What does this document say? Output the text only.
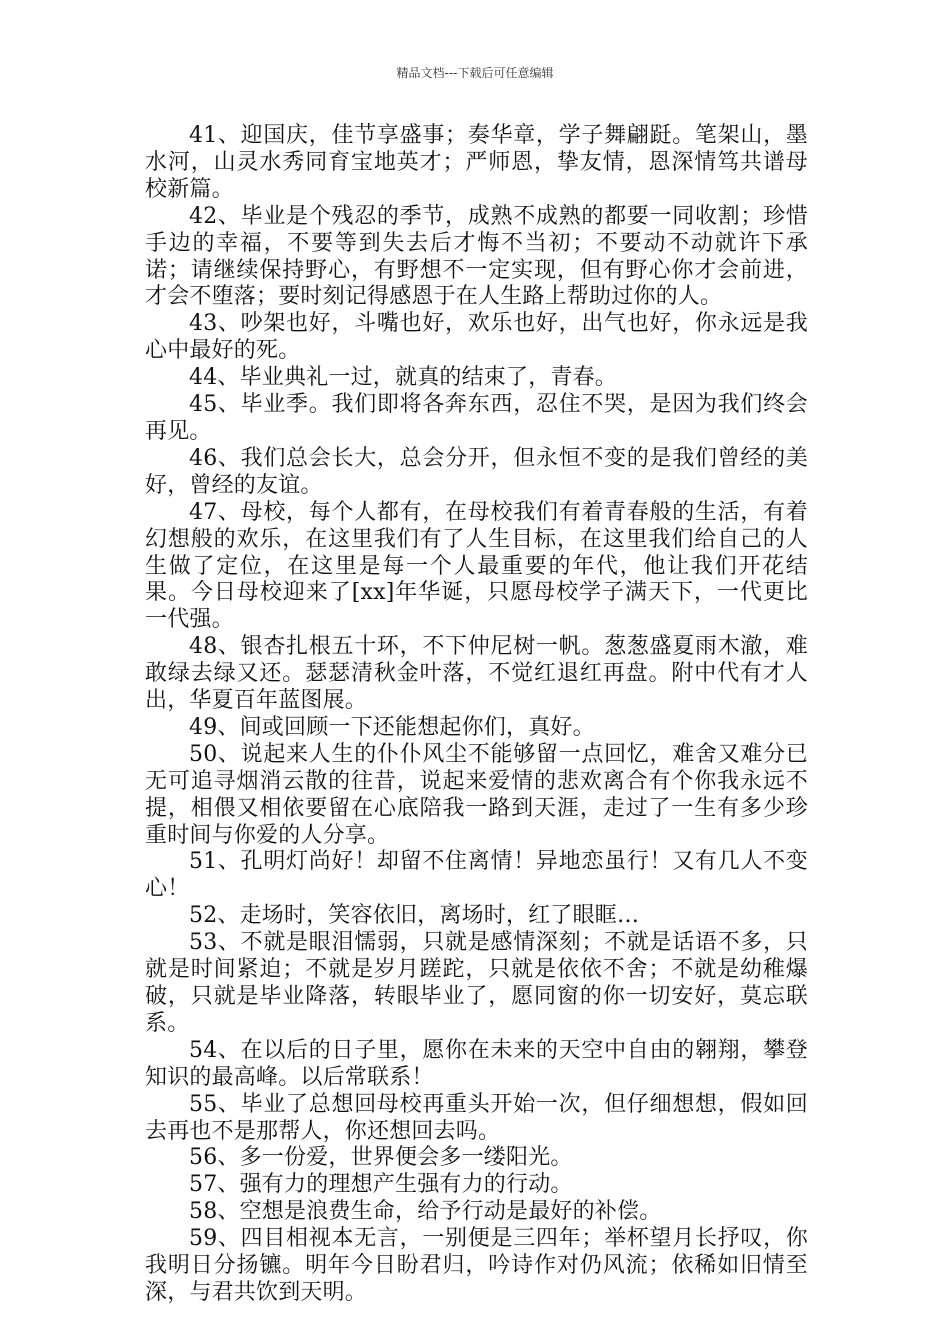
精品文档---下载后可任意编辑

41、迎国庆，佳节享盛事；奏华章，学子舞翩跹。笔架山，墨水河，山灵水秀同育宝地英才；严师恩，挚友情，恩深情笃共谱母校新篇。

42、毕业是个残忍的季节，成熟不成熟的都要一同收割；珍惜手边的幸福，不要等到失去后才悔不当初；不要动不动就许下承诺；请继续保持野心，有野想不一定实现，但有野心你才会前进，才会不堕落；要时刻记得感恩于在人生路上帮助过你的人。

43、吵架也好，斗嘴也好，欢乐也好，出气也好，你永远是我心中最好的死。

44、毕业典礼一过，就真的结束了，青春。

45、毕业季。我们即将各奔东西，忍住不哭，是因为我们终会再见。

46、我们总会长大，总会分开，但永恒不变的是我们曾经的美好，曾经的友谊。

47、母校，每个人都有，在母校我们有着青春般的生活，有着幻想般的欢乐，在这里我们有了人生目标，在这里我们给自己的人生做了定位，在这里是每一个人最重要的年代，他让我们开花结果。今日母校迎来了[xx]年华诞，只愿母校学子满天下，一代更比一代强。

48、银杏扎根五十环，不下仲尼树一帆。葱葱盛夏雨木澈，难敢绿去绿又还。瑟瑟清秋金叶落，不觉红退红再盘。附中代有才人出，华夏百年蓝图展。

49、间或回顾一下还能想起你们，真好。

50、说起来人生的仆仆风尘不能够留一点回忆，难舍又难分已无可追寻烟消云散的往昔，说起来爱情的悲欢离合有个你我永远不提，相偎又相依要留在心底陪我一路到天涯，走过了一生有多少珍重时间与你爱的人分享。

51、孔明灯尚好！却留不住离情！异地恋虽行！又有几人不变心！

52、走场时，笑容依旧，离场时，红了眼眶…

53、不就是眼泪懦弱，只就是感情深刻；不就是话语不多，只就是时间紧迫；不就是岁月蹉跎，只就是依依不舍；不就是幼稚爆破，只就是毕业降落，转眼毕业了，愿同窗的你一切安好，莫忘联系。

54、在以后的日子里，愿你在未来的天空中自由的翱翔，攀登知识的最高峰。以后常联系！

55、毕业了总想回母校再重头开始一次，但仔细想想，假如回去再也不是那帮人，你还想回去吗。

56、多一份爱，世界便会多一缕阳光。

57、强有力的理想产生强有力的行动。

58、空想是浪费生命，给予行动是最好的补偿。

59、四目相视本无言，一别便是三四年；举杯望月长抒叹，你我明日分扬镳。明年今日盼君归，吟诗作对仍风流；依稀如旧情至深，与君共饮到天明。
